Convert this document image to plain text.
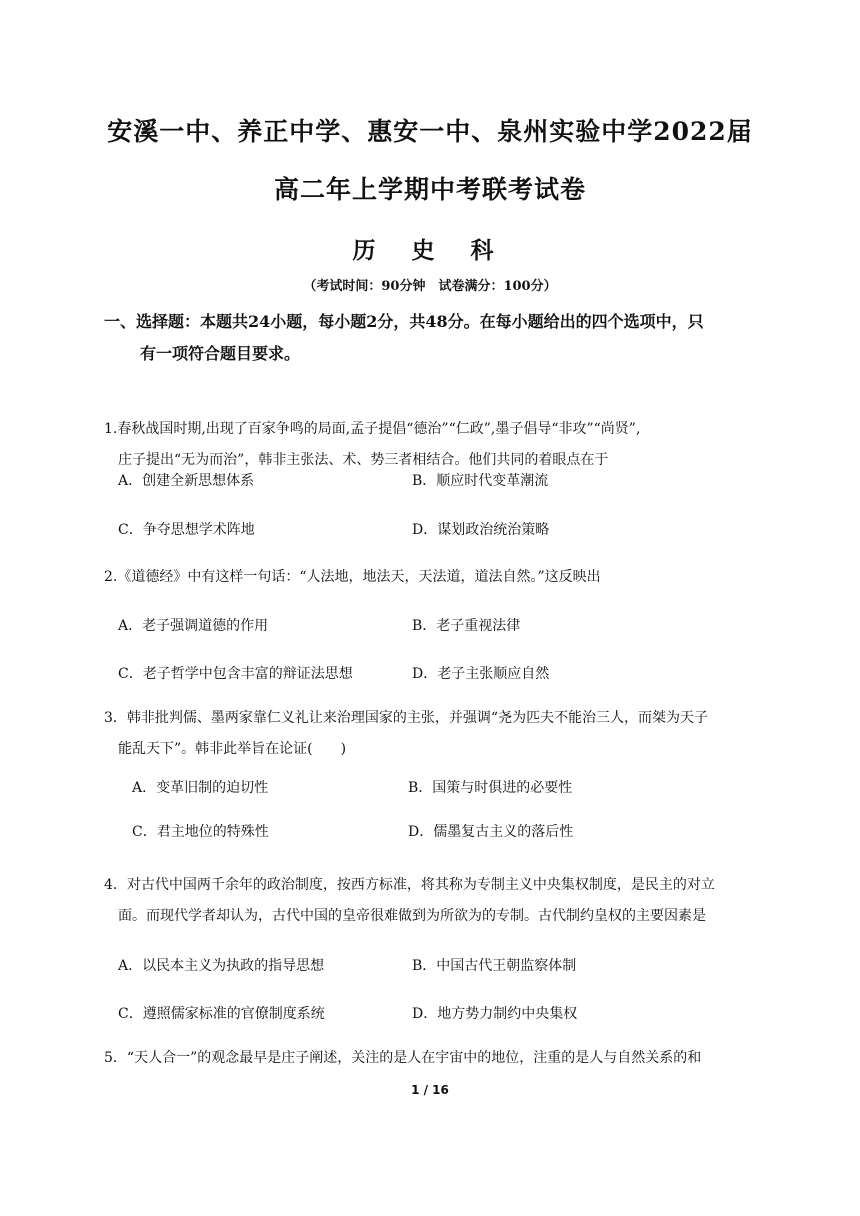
安溪一中、养正中学、惠安一中、泉州实验中学2022届
高二年上学期中考联考试卷
历 史 科
（考试时间：90分钟　试卷满分：100分）
一、选择题：本题共24小题，每小题2分，共48分。在每小题给出的四个选项中，只
有一项符合题目要求。
1.春秋战国时期,出现了百家争鸣的局面,孟子提倡“德治”“仁政”,墨子倡导“非攻”“尚贤”,
庄子提出“无为而治”，韩非主张法、术、势三者相结合。他们共同的着眼点在于
A．创建全新思想体系	B．顺应时代变革潮流
C．争夺思想学术阵地	D．谋划政治统治策略
2.《道德经》中有这样一句话：“人法地，地法天，天法道，道法自然。”这反映出
A．老子强调道德的作用	B．老子重视法律
C．老子哲学中包含丰富的辩证法思想	D．老子主张顺应自然
3．韩非批判儒、墨两家靠仁义礼让来治理国家的主张，并强调“尧为匹夫不能治三人，而桀为天子
能乱天下”。韩非此举旨在论证(　　)
A．变革旧制的迫切性	B．国策与时俱进的必要性
C．君主地位的特殊性	D．儒墨复古主义的落后性
4．对古代中国两千余年的政治制度，按西方标准，将其称为专制主义中央集权制度，是民主的对立
面。而现代学者却认为，古代中国的皇帝很难做到为所欲为的专制。古代制约皇权的主要因素是
A．以民本主义为执政的指导思想	B．中国古代王朝监察体制
C．遵照儒家标准的官僚制度系统	D．地方势力制约中央集权
5．“天人合一”的观念最早是庄子阐述，关注的是人在宇宙中的地位，注重的是人与自然关系的和
1 / 16
